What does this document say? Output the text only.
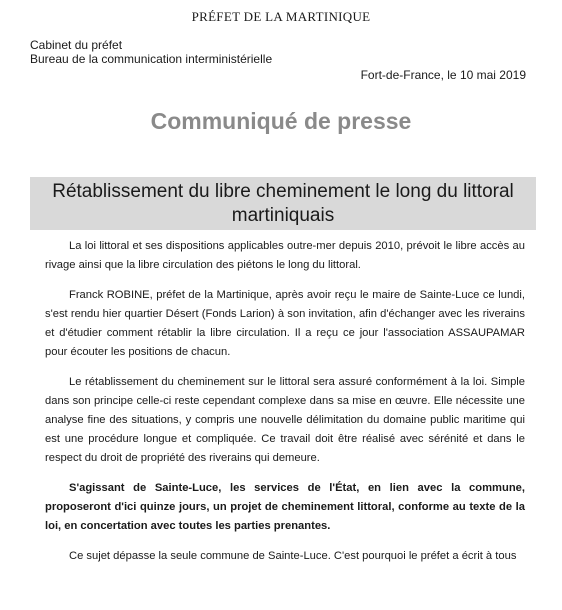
PRÉFET DE LA MARTINIQUE
Cabinet du préfet
Bureau de la communication interministérielle
Fort-de-France, le 10 mai 2019
Communiqué de presse
Rétablissement du libre cheminement le long du littoral
martiniquais

La loi littoral et ses dispositions applicables outre-mer depuis 2010, prévoit le libre accès au rivage ainsi que la libre circulation des piétons le long du littoral.

Franck ROBINE, préfet de la Martinique, après avoir reçu le maire de Sainte-Luce ce lundi, s'est rendu hier quartier Désert (Fonds Larion) à son invitation, afin d'échanger avec les riverains et d'étudier comment rétablir la libre circulation. Il a reçu ce jour l'association ASSAUPAMAR pour écouter les positions de chacun.

Le rétablissement du cheminement sur le littoral sera assuré conformément à la loi. Simple dans son principe celle-ci reste cependant complexe dans sa mise en œuvre. Elle nécessite une analyse fine des situations, y compris une nouvelle délimitation du domaine public maritime qui est une procédure longue et compliquée. Ce travail doit être réalisé avec sérénité et dans le respect du droit de propriété des riverains qui demeure.

S'agissant de Sainte-Luce, les services de l'État, en lien avec la commune, proposeront d'ici quinze jours, un projet de cheminement littoral, conforme au texte de la loi, en concertation avec toutes les parties prenantes.

Ce sujet dépasse la seule commune de Sainte-Luce. C'est pourquoi le préfet a écrit à tous
